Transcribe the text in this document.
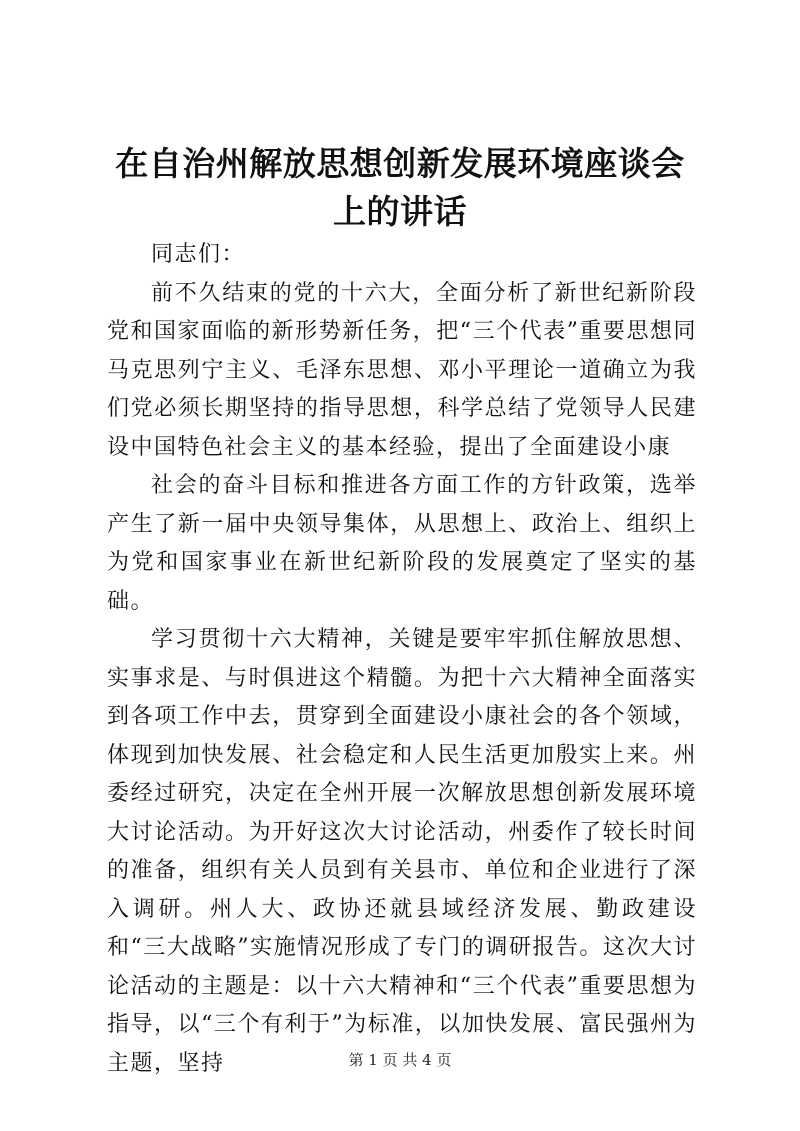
在自治州解放思想创新发展环境座谈会上的讲话

同志们：

前不久结束的党的十六大，全面分析了新世纪新阶段党和国家面临的新形势新任务，把“三个代表”重要思想同马克思列宁主义、毛泽东思想、邓小平理论一道确立为我们党必须长期坚持的指导思想，科学总结了党领导人民建设中国特色社会主义的基本经验，提出了全面建设小康

社会的奋斗目标和推进各方面工作的方针政策，选举产生了新一届中央领导集体，从思想上、政治上、组织上为党和国家事业在新世纪新阶段的发展奠定了坚实的基础。

学习贯彻十六大精神，关键是要牢牢抓住解放思想、实事求是、与时俱进这个精髓。为把十六大精神全面落实到各项工作中去，贯穿到全面建设小康社会的各个领域，体现到加快发展、社会稳定和人民生活更加殷实上来。州委经过研究，决定在全州开展一次解放思想创新发展环境大讨论活动。为开好这次大讨论活动，州委作了较长时间的准备，组织有关人员到有关县市、单位和企业进行了深入调研。州人大、政协还就县域经济发展、勤政建设和“三大战略”实施情况形成了专门的调研报告。这次大讨论活动的主题是：以十六大精神和“三个代表”重要思想为指导，以“三个有利于”为标准，以加快发展、富民强州为主题，坚持	第 1 页 共 4 页
